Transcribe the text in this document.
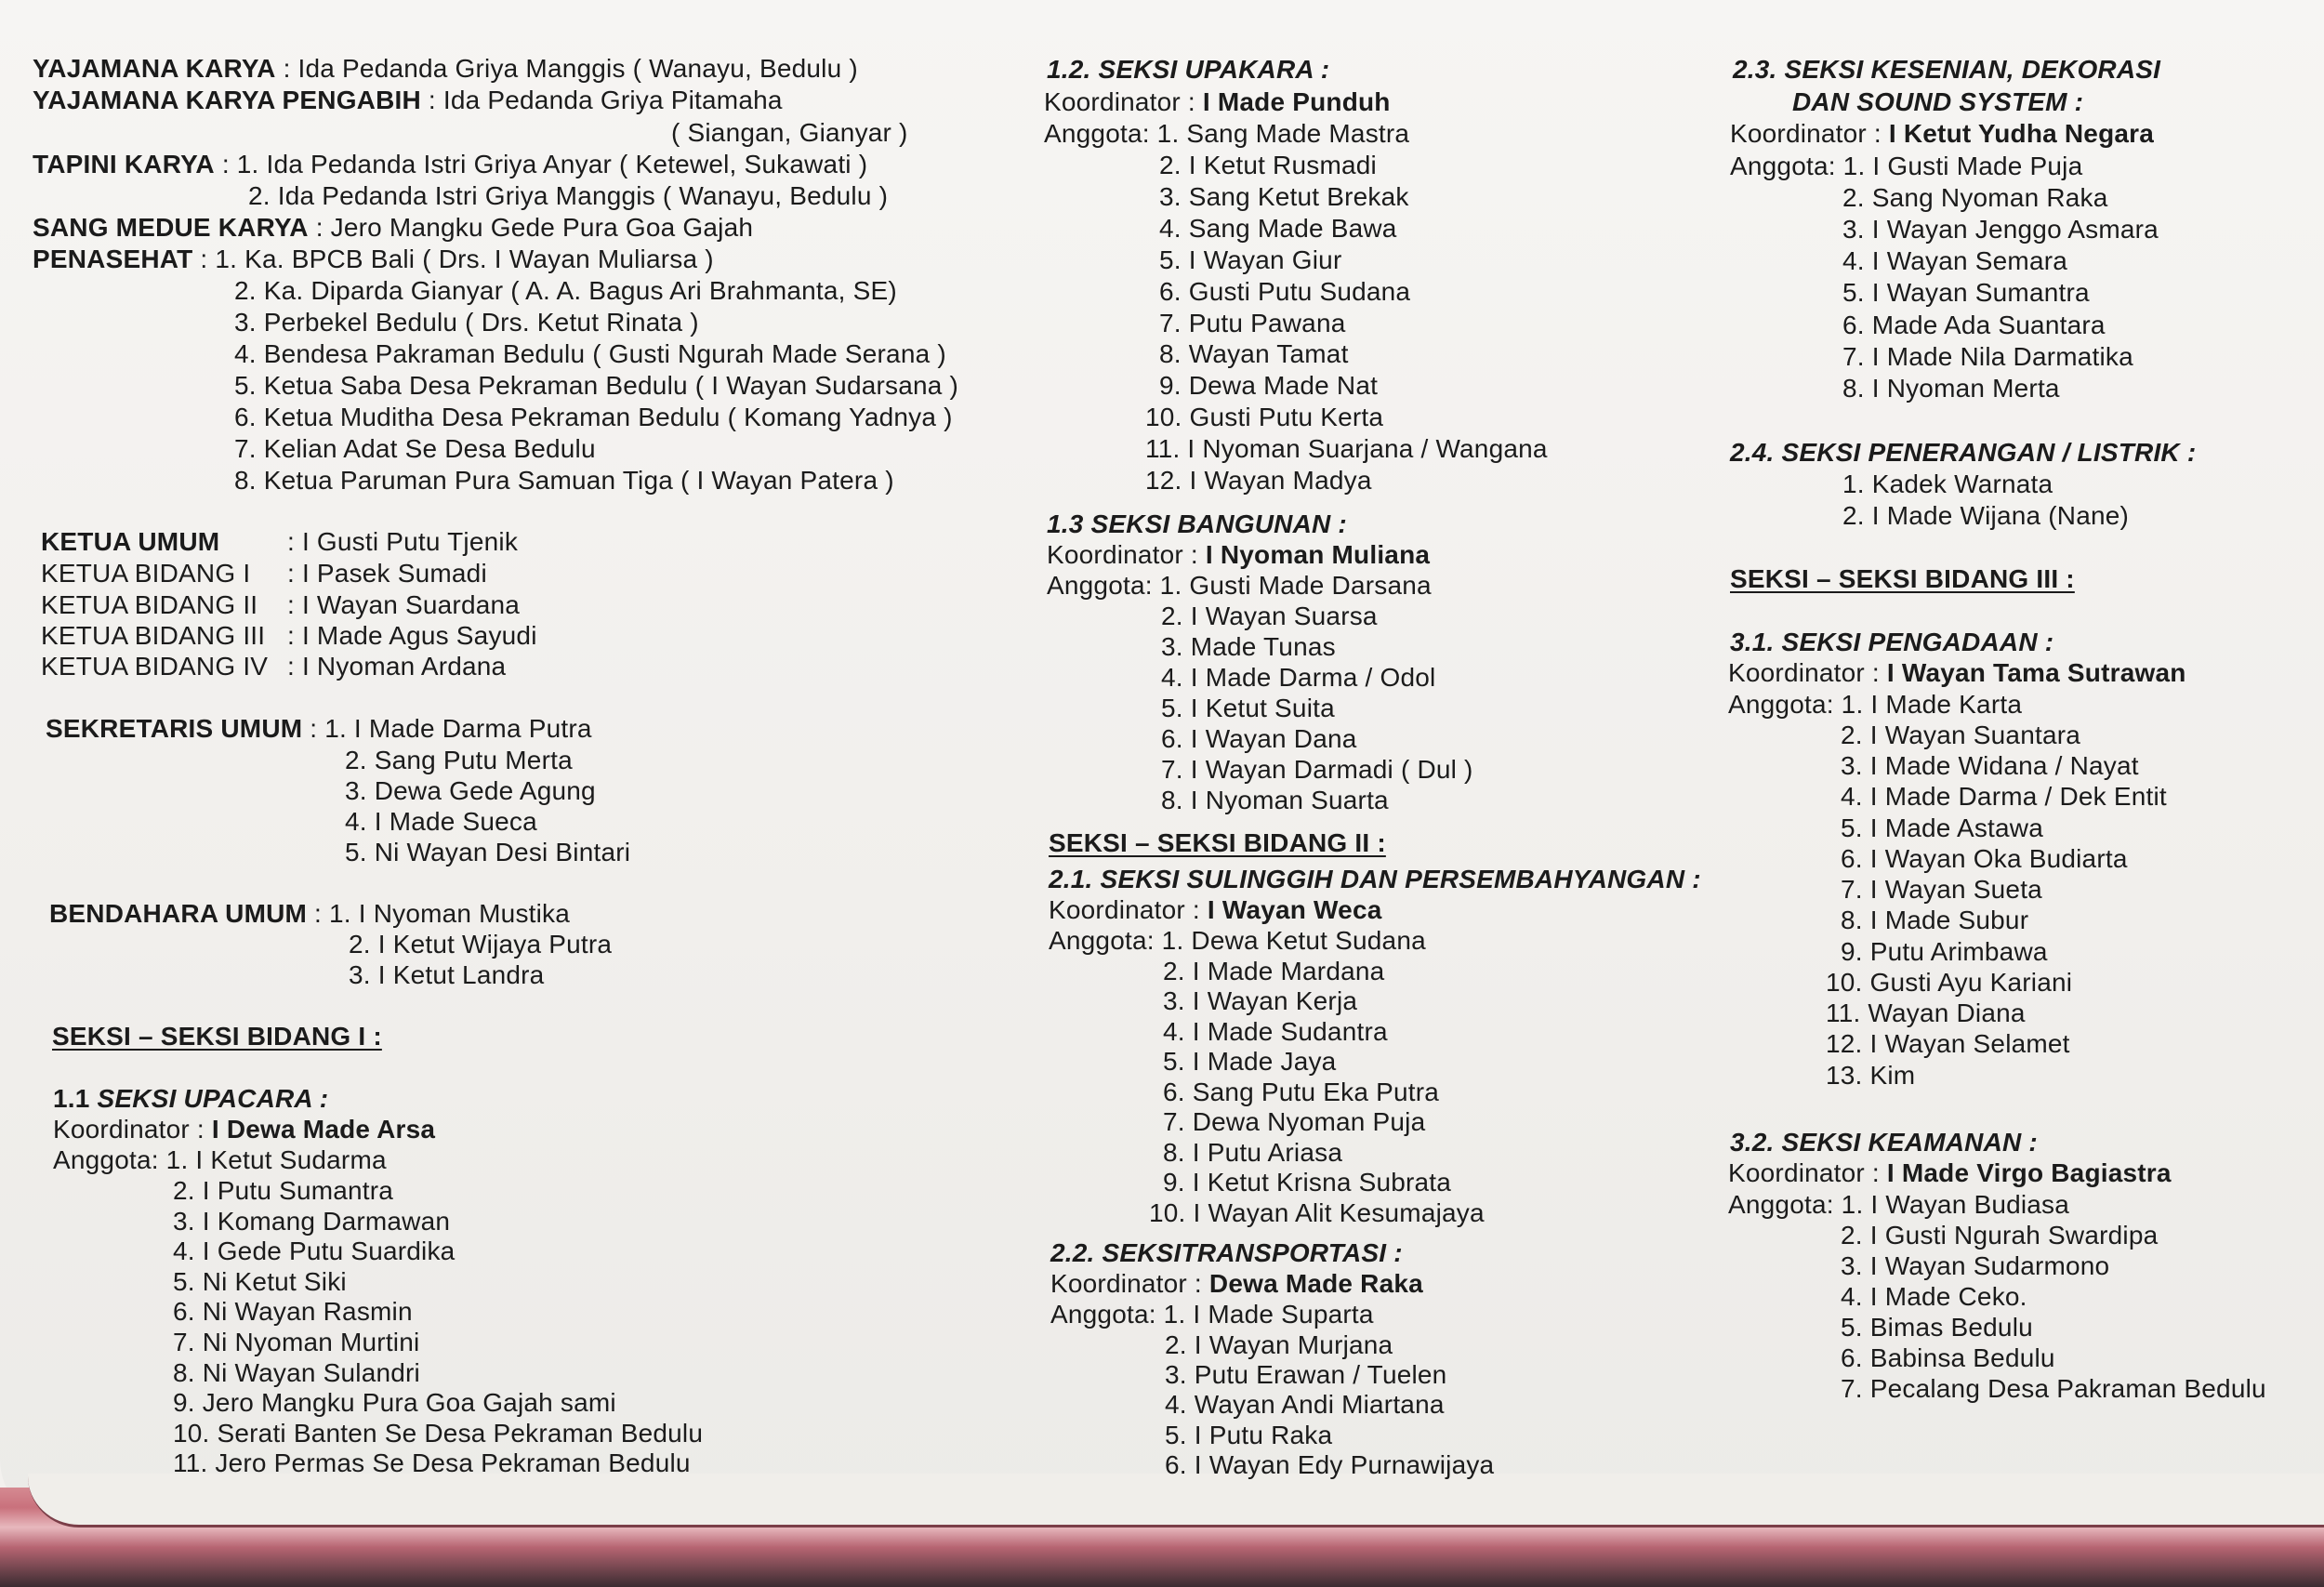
YAJAMANA KARYA : Ida Pedanda Griya Manggis ( Wanayu, Bedulu )
YAJAMANA KARYA PENGABIH : Ida Pedanda Griya Pitamaha
( Siangan, Gianyar )
TAPINI KARYA : 1. Ida Pedanda Istri Griya Anyar ( Ketewel, Sukawati )
2. Ida Pedanda Istri Griya Manggis ( Wanayu, Bedulu )
SANG MEDUE KARYA : Jero Mangku Gede Pura Goa Gajah
PENASEHAT : 1. Ka. BPCB Bali ( Drs. I Wayan Muliarsa )
2. Ka. Diparda Gianyar ( A. A. Bagus Ari Brahmanta, SE)
3. Perbekel Bedulu ( Drs. Ketut Rinata )
4. Bendesa Pakraman Bedulu ( Gusti Ngurah Made Serana )
5. Ketua Saba Desa Pekraman Bedulu ( I Wayan Sudarsana )
6. Ketua Muditha Desa Pekraman Bedulu ( Komang Yadnya )
7. Kelian Adat Se Desa Bedulu
8. Ketua Paruman Pura Samuan Tiga ( I Wayan Patera )
KETUA UMUM	: I Gusti Putu Tjenik
KETUA BIDANG I : I Pasek Sumadi
KETUA BIDANG II : I Wayan Suardana
KETUA BIDANG III : I Made Agus Sayudi
KETUA BIDANG IV : I Nyoman Ardana
SEKRETARIS UMUM : 1. I Made Darma Putra
2. Sang Putu Merta
3. Dewa Gede Agung
4. I Made Sueca
5. Ni Wayan Desi Bintari
BENDAHARA UMUM : 1. I Nyoman Mustika
2. I Ketut Wijaya Putra
3. I Ketut Landra
SEKSI – SEKSI BIDANG I :
1.1 SEKSI UPACARA :
Koordinator : I Dewa Made Arsa
Anggota: 1. I Ketut Sudarma
2. I Putu Sumantra
3. I Komang Darmawan
4. I Gede Putu Suardika
5. Ni Ketut Siki
6. Ni Wayan Rasmin
7. Ni Nyoman Murtini
8. Ni Wayan Sulandri
9. Jero Mangku Pura Goa Gajah sami
10. Serati Banten Se Desa Pekraman Bedulu
11. Jero Permas Se Desa Pekraman Bedulu
1.2. SEKSI UPAKARA :
Koordinator : I Made Punduh
Anggota: 1. Sang Made Mastra
2. I Ketut Rusmadi
3. Sang Ketut Brekak
4. Sang Made Bawa
5. I Wayan Giur
6. Gusti Putu Sudana
7. Putu Pawana
8. Wayan Tamat
9. Dewa Made Nat
10. Gusti Putu Kerta
11. I Nyoman Suarjana / Wangana
12. I Wayan Madya
1.3 SEKSI BANGUNAN :
Koordinator : I Nyoman Muliana
Anggota: 1. Gusti Made Darsana
2. I Wayan Suarsa
3. Made Tunas
4. I Made Darma / Odol
5. I Ketut Suita
6. I Wayan Dana
7. I Wayan Darmadi ( Dul )
8. I Nyoman Suarta
SEKSI – SEKSI BIDANG II :
2.1. SEKSI SULINGGIH DAN PERSEMBAHYANGAN :
Koordinator : I Wayan Weca
Anggota: 1. Dewa Ketut Sudana
2. I Made Mardana
3. I Wayan Kerja
4. I Made Sudantra
5. I Made Jaya
6. Sang Putu Eka Putra
7. Dewa Nyoman Puja
8. I Putu Ariasa
9. I Ketut Krisna Subrata
10. I Wayan Alit Kesumajaya
2.2. SEKSITRANSPORTASI :
Koordinator : Dewa Made Raka
Anggota: 1. I Made Suparta
2. I Wayan Murjana
3. Putu Erawan / Tuelen
4. Wayan Andi Miartana
5. I Putu Raka
6. I Wayan Edy Purnawijaya
2.3. SEKSI KESENIAN, DEKORASI
DAN SOUND SYSTEM :
Koordinator : I Ketut Yudha Negara
Anggota: 1. I Gusti Made Puja
2. Sang Nyoman Raka
3. I Wayan Jenggo Asmara
4. I Wayan Semara
5. I Wayan Sumantra
6. Made Ada Suantara
7. I Made Nila Darmatika
8. I Nyoman Merta
2.4. SEKSI PENERANGAN / LISTRIK :
1. Kadek Warnata
2. I Made Wijana (Nane)
SEKSI – SEKSI BIDANG III :
3.1. SEKSI PENGADAAN :
Koordinator : I Wayan Tama Sutrawan
Anggota: 1. I Made Karta
2. I Wayan Suantara
3. I Made Widana / Nayat
4. I Made Darma / Dek Entit
5. I Made Astawa
6. I Wayan Oka Budiarta
7. I Wayan Sueta
8. I Made Subur
9. Putu Arimbawa
10. Gusti Ayu Kariani
11. Wayan Diana
12. I Wayan Selamet
13. Kim
3.2. SEKSI KEAMANAN :
Koordinator : I Made Virgo Bagiastra
Anggota: 1. I Wayan Budiasa
2. I Gusti Ngurah Swardipa
3. I Wayan Sudarmono
4. I Made Ceko.
5. Bimas Bedulu
6. Babinsa Bedulu
7. Pecalang Desa Pakraman Bedulu
